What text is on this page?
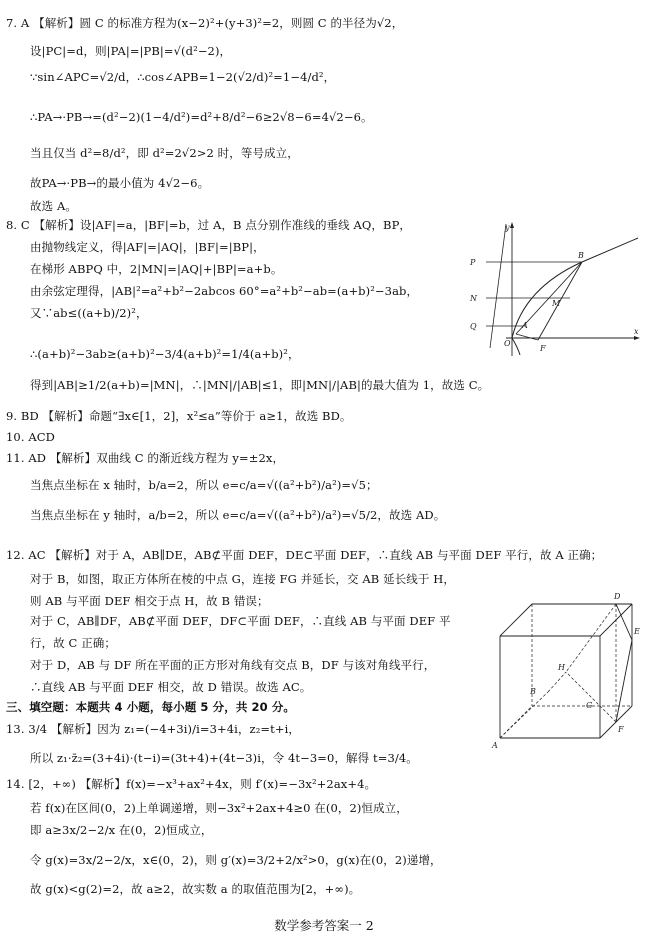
7. A 【解析】圆 C 的标准方程为(x−2)²+(y+3)²=2，则圆 C 的半径为√2，
设|PC|=d，则|PA|=|PB|=√(d²−2)，
∵sin∠APC=√2/d，∴cos∠APB=1−2(√2/d)²=1−4/d²，
∴PA→·PB→=(d²−2)(1−4/d²)=d²+8/d²−6≥2√8−6=4√2−6。
当且仅当 d²=8/d²，即 d²=2√2>2 时，等号成立，
故PA→·PB→的最小值为 4√2−6。
故选 A。
8. C 【解析】设|AF|=a，|BF|=b，过 A，B 点分别作准线的垂线 AQ，BP，
由抛物线定义，得|AF|=|AQ|，|BF|=|BP|，
在梯形 ABPQ 中，2|MN|=|AQ|+|BP|=a+b。
由余弦定理得，|AB|²=a²+b²−2abcos 60°=a²+b²−ab=(a+b)²−3ab，
又∵ab≤((a+b)/2)²，
∴(a+b)²−3ab≥(a+b)²−3/4(a+b)²=1/4(a+b)²，
得到|AB|≥1/2(a+b)=|MN|，∴|MN|/|AB|≤1，即|MN|/|AB|的最大值为 1，故选 C。
9. BD 【解析】命题“∃x∈[1，2]，x²≤a”等价于 a≥1，故选 BD。
10. ACD
11. AD 【解析】双曲线 C 的渐近线方程为 y=±2x，
当焦点坐标在 x 轴时，b/a=2，所以 e=c/a=√((a²+b²)/a²)=√5；
当焦点坐标在 y 轴时，a/b=2，所以 e=c/a=√((a²+b²)/a²)=√5/2，故选 AD。
12. AC 【解析】对于 A，AB∥DE，AB⊄平面 DEF，DE⊂平面 DEF，∴直线 AB 与平面 DEF 平行，故 A 正确；
对于 B，如图，取正方体所在棱的中点 G，连接 FG 并延长，交 AB 延长线于 H，
则 AB 与平面 DEF 相交于点 H，故 B 错误；
对于 C，AB∥DF，AB⊄平面 DEF，DF⊂平面 DEF，∴直线 AB 与平面 DEF 平
行，故 C 正确；
对于 D，AB 与 DF 所在平面的正方形对角线有交点 B，DF 与该对角线平行，
∴直线 AB 与平面 DEF 相交，故 D 错误。故选 AC。
三、填空题：本题共 4 小题，每小题 5 分，共 20 分。
13. 3/4 【解析】因为 z₁=(−4+3i)/i=3+4i，z₂=t+i，
所以 z₁·z̄₂=(3+4i)·(t−i)=(3t+4)+(4t−3)i，令 4t−3=0，解得 t=3/4。
14. [2，+∞) 【解析】f(x)=−x³+ax²+4x，则 f′(x)=−3x²+2ax+4。
若 f(x)在区间(0，2)上单调递增，则−3x²+2ax+4≥0 在(0，2)恒成立，
即 a≥3x/2−2/x 在(0，2)恒成立，
令 g(x)=3x/2−2/x，x∈(0，2)，则 g′(x)=3/2+2/x²>0，g(x)在(0，2)递增，
故 g(x)<g(2)=2，故 a≥2，故实数 a 的取值范围为[2，+∞)。
y
P
N
Q
O
A
B
M
F
x
D
E
H
B
G
A
F
数学参考答案一 2
